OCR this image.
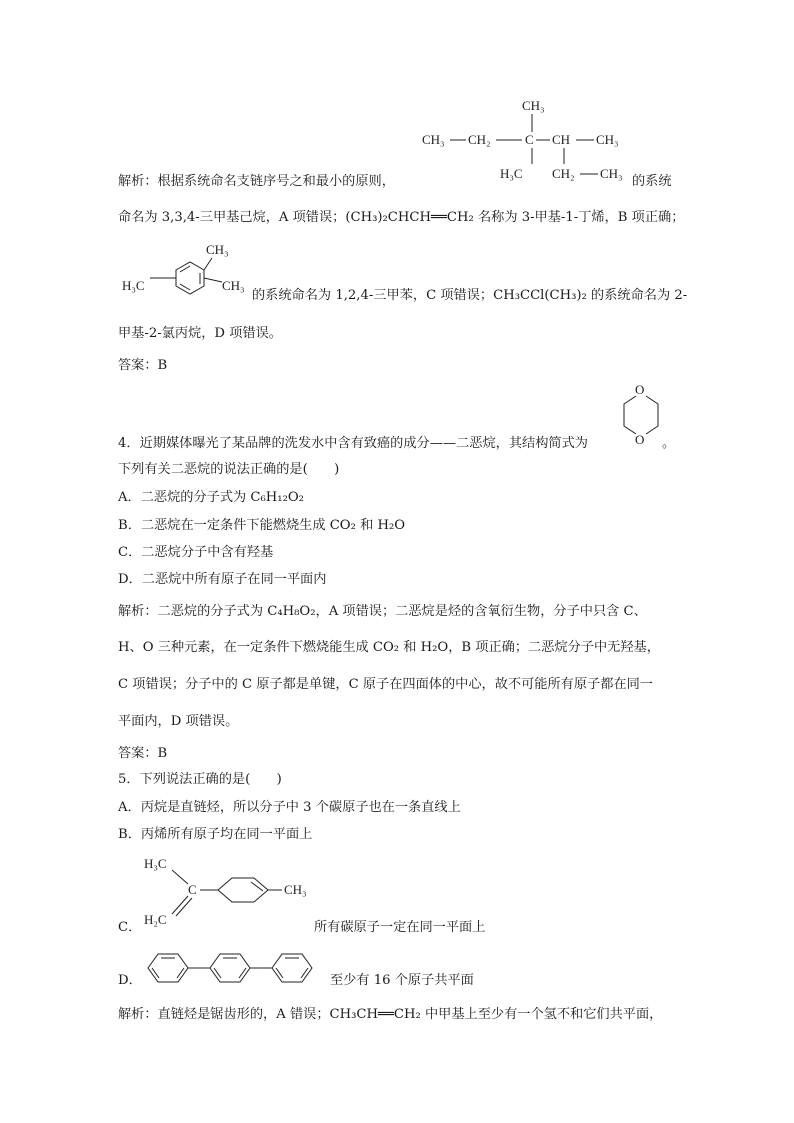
CH₃
CH₃ CH₂	C CH CH₃
H₃C CH₂ CH₃
解析：根据系统命名支链序号之和最小的原则，	的系统
命名为 3,3,4-三甲基己烷，A 项错误；(CH₃)₂CHCH══CH₂ 名称为 3-甲基-1-丁烯，B 项正确；
CH₃
H₃C	CH₃
的系统命名为 1,2,4-三甲苯，C 项错误；CH₃CCl(CH₃)₂ 的系统命名为 2-
甲基-2-氯丙烷，D 项错误。
答案：B
O
O
4．近期媒体曝光了某品牌的洗发水中含有致癌的成分——二恶烷，其结构简式为	。
下列有关二恶烷的说法正确的是(　　)
A．二恶烷的分子式为 C₆H₁₂O₂
B．二恶烷在一定条件下能燃烧生成 CO₂ 和 H₂O
C．二恶烷分子中含有羟基
D．二恶烷中所有原子在同一平面内
解析：二恶烷的分子式为 C₄H₈O₂，A 项错误；二恶烷是烃的含氧衍生物，分子中只含 C、
H、O 三种元素，在一定条件下燃烧能生成 CO₂ 和 H₂O，B 项正确；二恶烷分子中无羟基，
C 项错误；分子中的 C 原子都是单键，C 原子在四面体的中心，故不可能所有原子都在同一
平面内，D 项错误。
答案：B
5．下列说法正确的是(　　)
A．丙烷是直链烃，所以分子中 3 个碳原子也在一条直线上
B．丙烯所有原子均在同一平面上
H₃C
C	CH₃
H₂C
C．	所有碳原子一定在同一平面上
D．	至少有 16 个原子共平面
解析：直链烃是锯齿形的，A 错误；CH₃CH══CH₂ 中甲基上至少有一个氢不和它们共平面，
